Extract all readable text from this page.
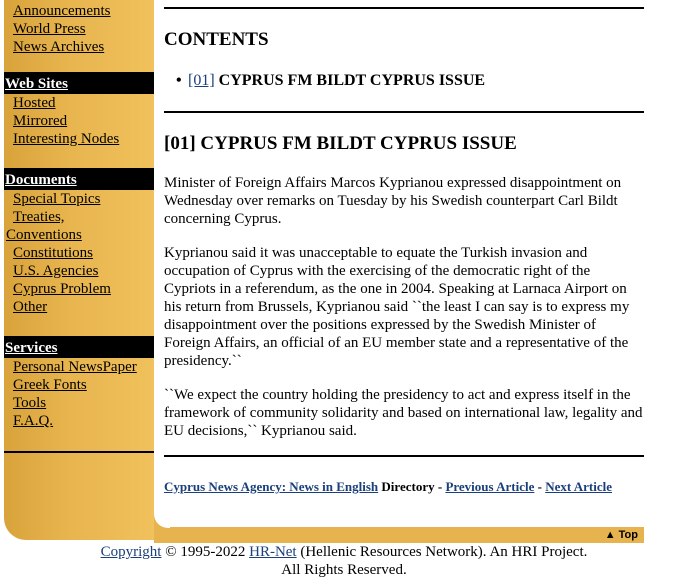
Announcements
World Press
News Archives
Web Sites
Hosted
Mirrored
Interesting Nodes
Documents
Special Topics
Treaties,
Conventions
Constitutions
U.S. Agencies
Cyprus Problem
Other
Services
Personal NewsPaper
Greek Fonts
Tools
F.A.Q.
▲ Top
CONTENTS
• [01] CYPRUS FM BILDT CYPRUS ISSUE
[01] CYPRUS FM BILDT CYPRUS ISSUE

Minister of Foreign Affairs Marcos Kyprianou expressed disappointment on Wednesday over remarks on Tuesday by his Swedish counterpart Carl Bildt concerning Cyprus.

Kyprianou said it was unacceptable to equate the Turkish invasion and occupation of Cyprus with the exercising of the democratic right of the Cypriots in a referendum, as the one in 2004. Speaking at Larnaca Airport on his return from Brussels, Kyprianou said ``the least I can say is to express my disappointment over the positions expressed by the Swedish Minister of Foreign Affairs, an official of an EU member state and a representative of the presidency.``

``We expect the country holding the presidency to act and express itself in the framework of community solidarity and based on international law, legality and EU decisions,`` Kyprianou said.

Cyprus News Agency: News in English Directory - Previous Article - Next Article
Copyright © 1995-2022 HR-Net (Hellenic Resources Network). An HRI Project.
All Rights Reserved.
